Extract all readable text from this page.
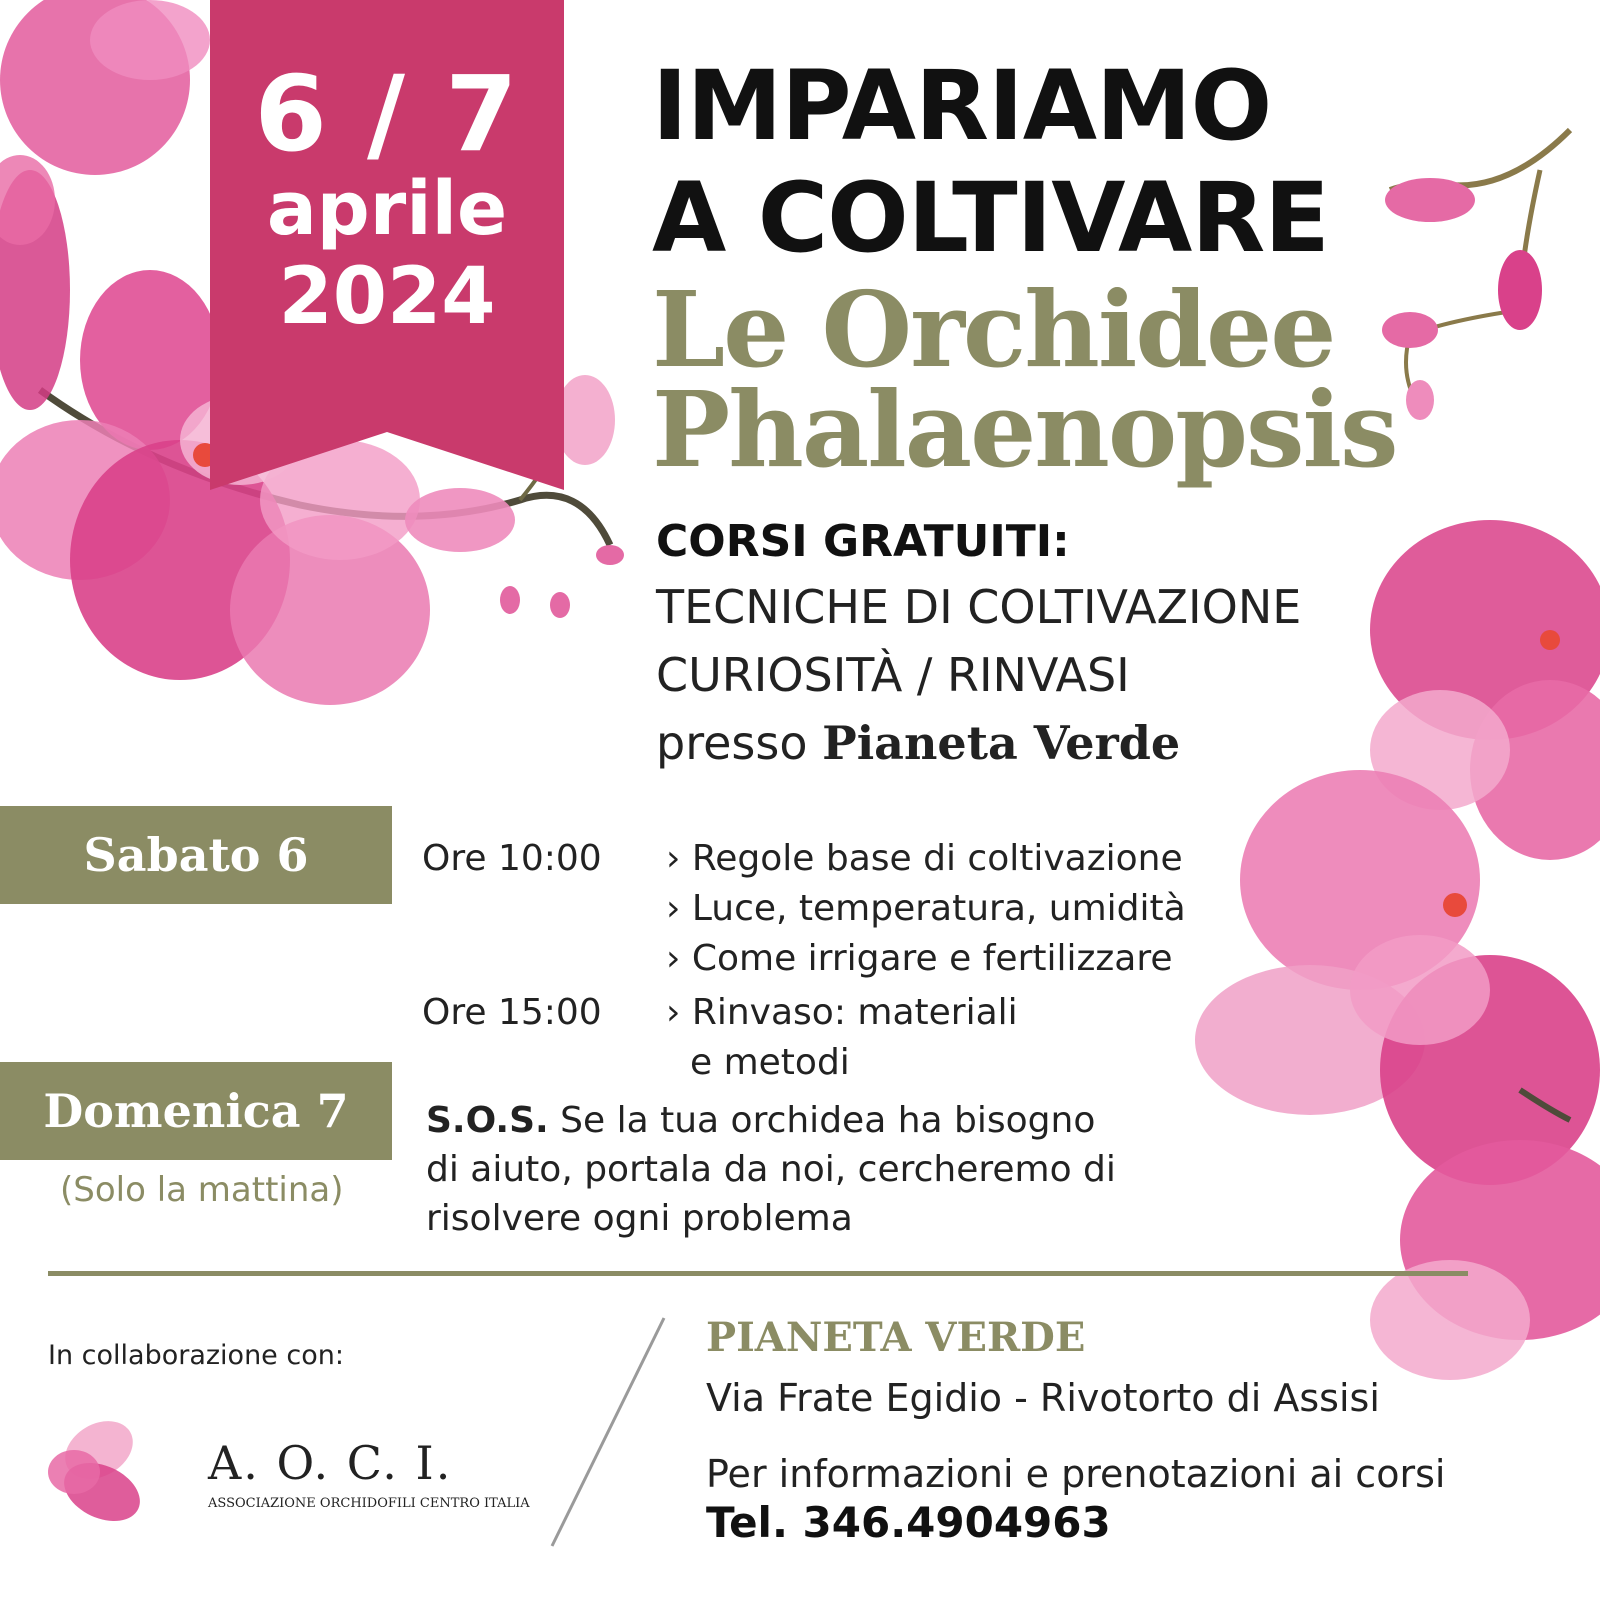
6 / 7
aprile
2024
IMPARIAMO
A COLTIVARE
Le Orchidee
Phalaenopsis
CORSI GRATUITI:
TECNICHE DI COLTIVAZIONE
CURIOSITÀ / RINVASI
presso Pianeta Verde
Sabato 6	Ore 10:00 › Regole base di coltivazione
› Luce, temperatura, umidità
› Come irrigare e fertilizzare
Ore 15:00 › Rinvaso: materiali
e metodi
Domenica 7
(Solo la mattina)
S.O.S. Se la tua orchidea ha bisogno
di aiuto, portala da noi, cercheremo di
risolvere ogni problema
In collaborazione con:
A. O. C. I.
ASSOCIAZIONE ORCHIDOFILI CENTRO ITALIA
PIANETA VERDE
Via Frate Egidio - Rivotorto di Assisi
Per informazioni e prenotazioni ai corsi
Tel. 346.4904963
